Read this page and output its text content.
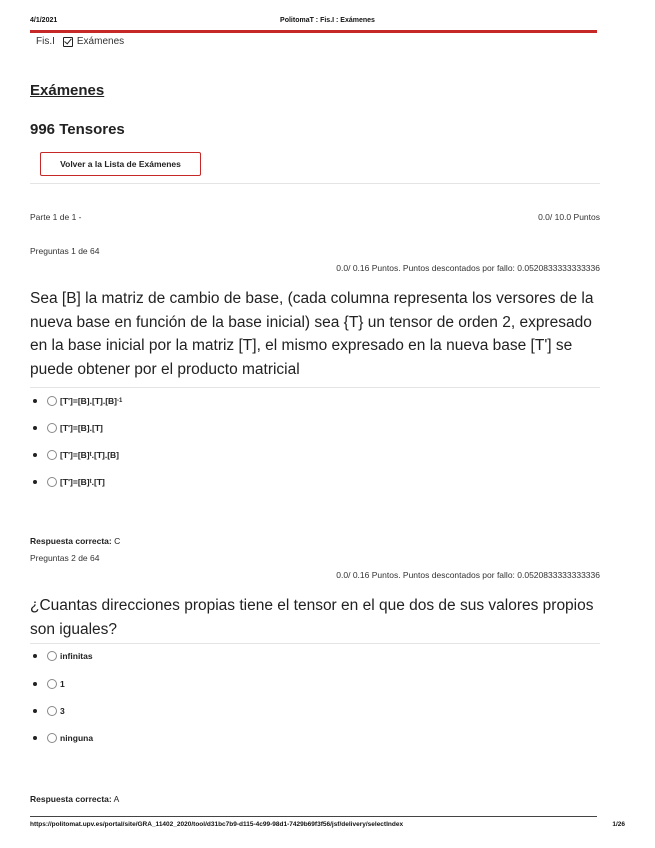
4/1/2021	PolitomaT : Fis.I : Exámenes
Fis.I Exámenes
Exámenes
996 Tensores
Volver a la Lista de Exámenes
Parte 1 de 1 -	0.0/ 10.0 Puntos
Preguntas 1 de 64
0.0/ 0.16 Puntos. Puntos descontados por fallo: 0.0520833333333336
Sea [B] la matriz de cambio de base, (cada columna representa los versores de la nueva base en función de la base inicial) sea {T} un tensor de orden 2, expresado en la base inicial por la matriz [T], el mismo expresado en la nueva base [T'] se puede obtener por el producto matricial
[T']=[B].[T].[B] -1
[T']=[B].[T]
[T']=[B] t .[T].[B]
[T']=[B] t .[T]
Respuesta correcta: C
Preguntas 2 de 64
0.0/ 0.16 Puntos. Puntos descontados por fallo: 0.0520833333333336
¿Cuantas direcciones propias tiene el tensor en el que dos de sus valores propios son iguales?
infinitas
1
3
ninguna
Respuesta correcta: A
https://politomat.upv.es/portal/site/GRA_11402_2020/tool/d31bc7b9-d115-4c99-98d1-7429b69f3f56/jsf/delivery/selectIndex	1/26
